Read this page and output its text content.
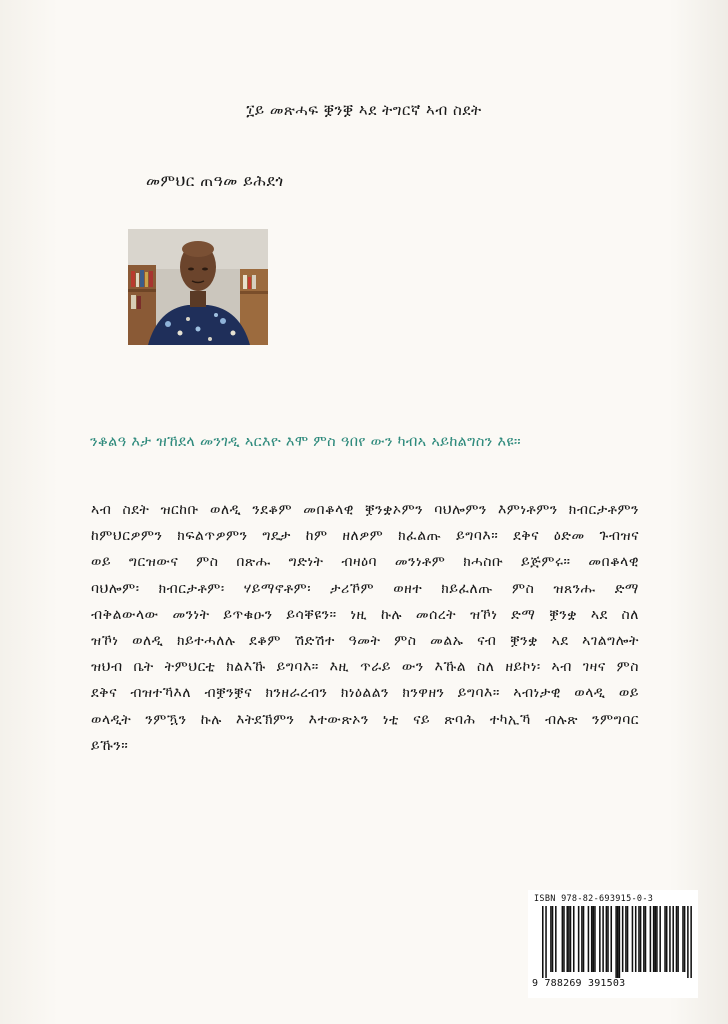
፲ይ መጽሓፍ ቛንቛ ኣደ ትግርኛ ኣብ ስደት
መምህር ጠዓመ ይሕደጎ
ንቆልዓ እታ ዝኸደላ መንገዲ ኣርእዮ እሞ ምስ ዓበየ ውን ካብኣ ኣይከልግስን እዩ።
ኣብ ስደት ዝርከቡ ወለዲ ንደቆም መበቆላዊ ቛንቋኦምን ባህሎምን እምነቶምን ክብርታቶምን
ከምህርዎምን ክፍልጥዎምን ግዴታ ከም ዘለዎም ክፈልጡ ይግባእ። ደቅና ዕድመ ጉብዝና
ወይ ግርዝውና ምስ በጽሑ ግድነት ብዛዕባ መንነቶም ክሓስቡ ይጅምሩ። መበቆላዊ
ባህሎም፡ ክብርታቶም፡ ሃይማኖቶም፡ ታሪኾም ወዘተ ክይፈለጡ ምስ ዝጸንሑ ድማ
ብቅልውላው መንነት ይጥቁዑን ይሳቐዩን። ነዚ ኩሉ መሰረት ዝኾነ ድማ ቛንቋ ኣደ ስለ
ዝኾነ ወለዲ ክይተሓለሉ ደቆም ሽድሽተ ዓመት ምስ መልኡ ናብ ቛንቋ ኣደ ኣገልግሎት
ዝህብ ቤት ትምህርቲ ክልእኹ ይግባእ። እዚ ጥራይ ውን እኹል ስለ ዘይኮነ፡ ኣብ ገዛና ምስ
ደቅና ብዝተኻእለ ብቛንቛና ክንዘራረብን ክነዕልልን ክንዋዘን ይግባእ። ኣብነታዊ ወላዲ ወይ
ወላዲት ንምዃን ኩሉ እትደኽምን እተውጽኦን ነቲ ናይ ጽባሕ ተካኢኻ ብሉጽ ንምግባር
ይኹን።
ISBN 978-82-693915-0-3
9 788269 391503
